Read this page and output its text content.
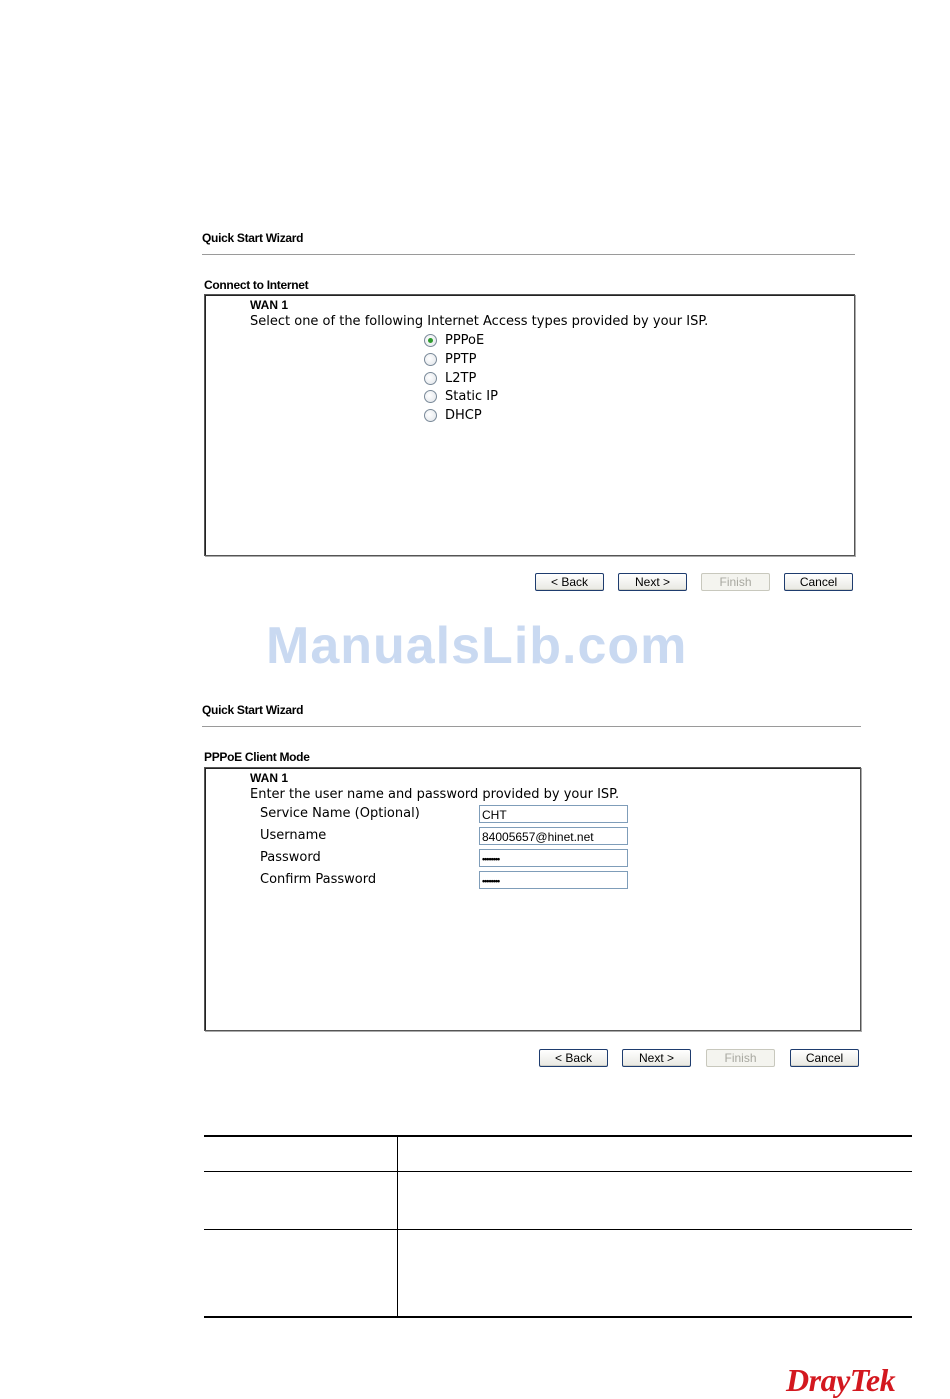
Quick Start Wizard
Connect to Internet
WAN 1
Select one of the following Internet Access types provided by your ISP.
PPPoE
PPTP
L2TP
Static IP
DHCP
< Back	Next >	Finish	Cancel
ManualsLib.com
Quick Start Wizard
PPPoE Client Mode
WAN 1
Enter the user name and password provided by your ISP.
Service Name (Optional)	CHT
Username	84005657@hinet.net
Password	••••••••
Confirm Password	••••••••
< Back	Next >	Finish	Cancel
DrayTek
